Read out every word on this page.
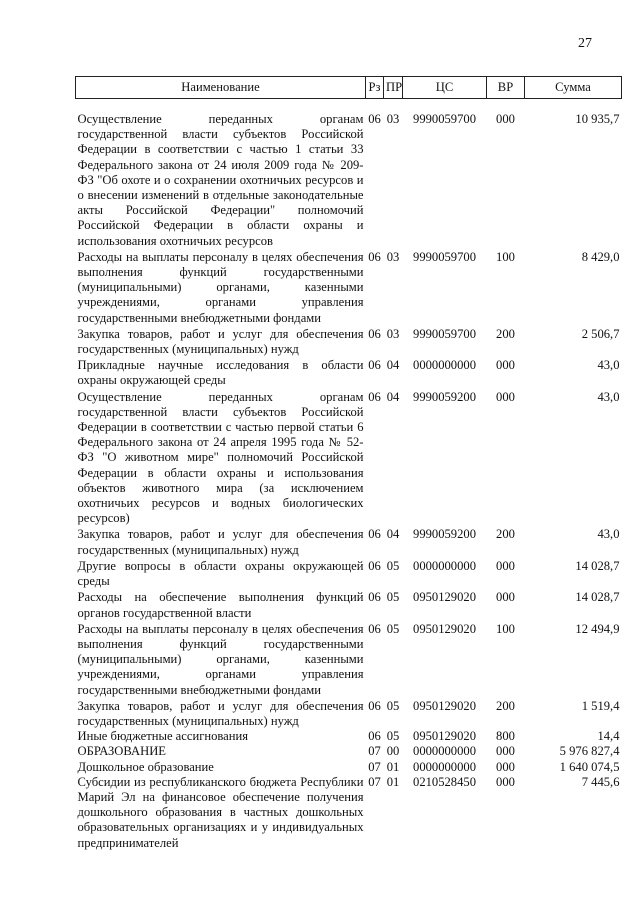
27
Наименование	Рз	ПР	ЦС	ВР	Сумма
Осуществление переданных органам государственной власти субъектов Российской Федерации в соответствии с частью 1 статьи 33 Федерального закона от 24 июля 2009 года № 209-ФЗ "Об охоте и о сохранении охотничьих ресурсов и о внесении изменений в отдельные законодательные акты Российской Федерации" полномочий Российской Федерации в области охраны и использования охотничьих ресурсов	06	03	9990059700	000	10 935,7
Расходы на выплаты персоналу в целях обеспечения выполнения функций государственными (муниципальными) органами, казенными учреждениями, органами управления государственными внебюджетными фондами	06	03	9990059700	100	8 429,0
Закупка товаров, работ и услуг для обеспечения государственных (муниципальных) нужд	06	03	9990059700	200	2 506,7
Прикладные научные исследования в области охраны окружающей среды	06	04	0000000000	000	43,0
Осуществление переданных органам государственной власти субъектов Российской Федерации в соответствии с частью первой статьи 6 Федерального закона от 24 апреля 1995 года № 52-ФЗ "О животном мире" полномочий Российской Федерации в области охраны и использования объектов животного мира (за исключением охотничьих ресурсов и водных биологических ресурсов)	06	04	9990059200	000	43,0
Закупка товаров, работ и услуг для обеспечения государственных (муниципальных) нужд	06	04	9990059200	200	43,0
Другие вопросы в области охраны окружающей среды	06	05	0000000000	000	14 028,7
Расходы на обеспечение выполнения функций органов государственной власти	06	05	0950129020	000	14 028,7
Расходы на выплаты персоналу в целях обеспечения выполнения функций государственными (муниципальными) органами, казенными учреждениями, органами управления государственными внебюджетными фондами	06	05	0950129020	100	12 494,9
Закупка товаров, работ и услуг для обеспечения государственных (муниципальных) нужд	06	05	0950129020	200	1 519,4
Иные бюджетные ассигнования	06	05	0950129020	800	14,4
ОБРАЗОВАНИЕ	07	00	0000000000	000	5 976 827,4
Дошкольное образование	07	01	0000000000	000	1 640 074,5
Субсидии из республиканского бюджета Республики Марий Эл на финансовое обеспечение получения дошкольного образования в частных дошкольных образовательных организациях и у индивидуальных предпринимателей	07	01	0210528450	000	7 445,6
